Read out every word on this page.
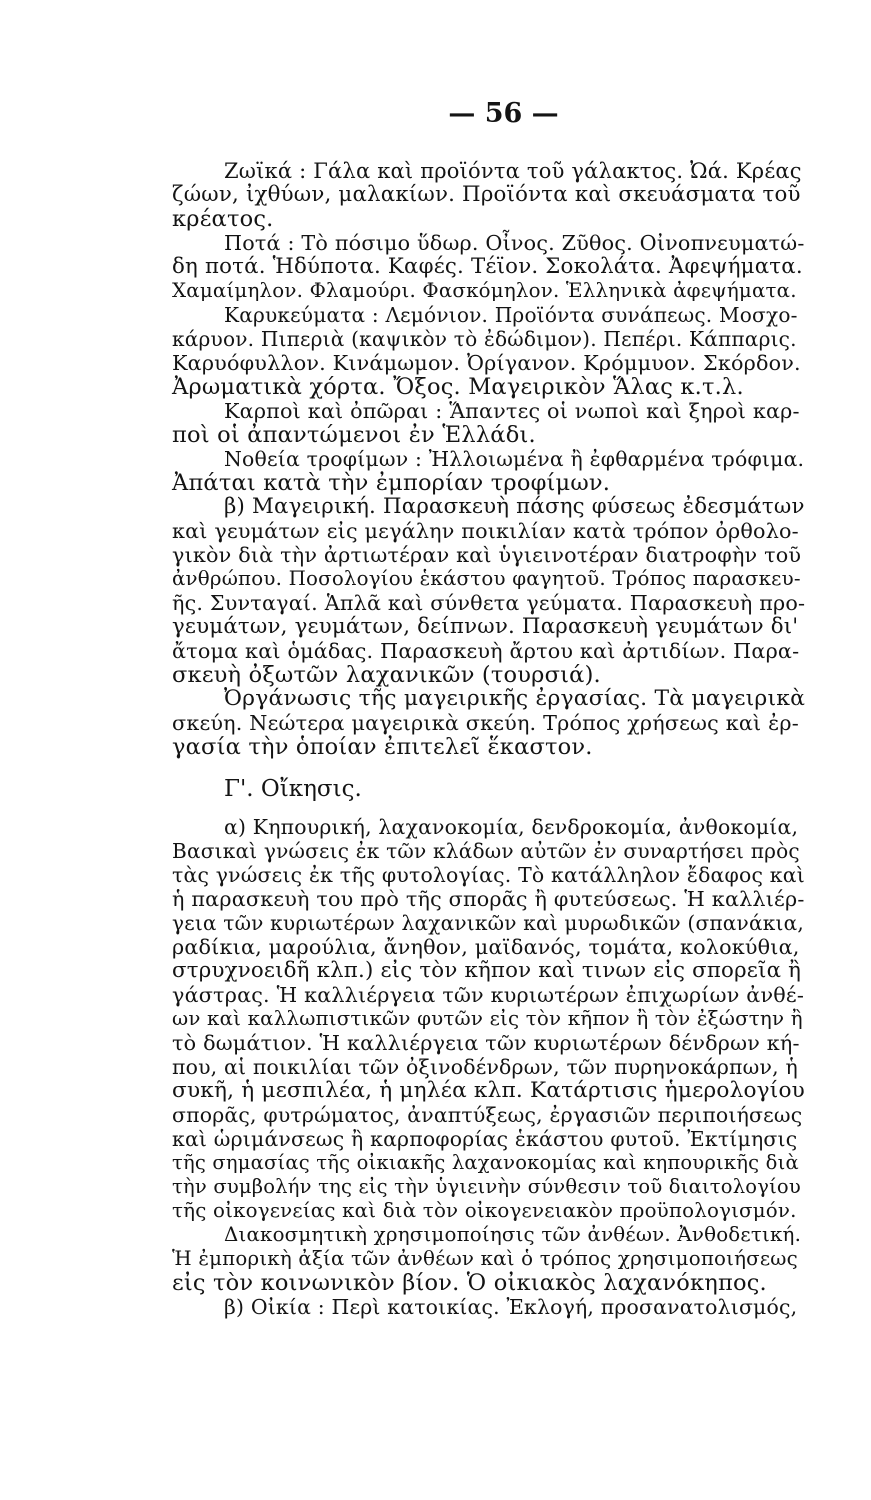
— 56 —
Ζωϊκά : Γάλα καὶ προϊόντα τοῦ γάλακτος. Ὠά. Κρέας
ζώων, ἰχθύων, μαλακίων. Προϊόντα καὶ σκευάσματα τοῦ
κρέατος.
Ποτά : Τὸ πόσιμο ὕδωρ. Οἶνος. Ζῦθος. Οἰνοπνευματώ-
δη ποτά. Ἡδύποτα. Καφές. Τέϊον. Σοκολάτα. Ἀφεψήματα.
Χαμαίμηλον. Φλαμούρι. Φασκόμηλον. Ἑλληνικὰ ἀφεψήματα.
Καρυκεύματα : Λεμόνιον. Προϊόντα συνάπεως. Μοσχο-
κάρυον. Πιπεριὰ (καψικὸν τὸ ἐδώδιμον). Πεπέρι. Κάππαρις.
Καρυόφυλλον. Κινάμωμον. Ὀρίγανον. Κρόμμυον. Σκόρδον.
Ἀρωματικὰ χόρτα. Ὄξος. Μαγειρικὸν Ἅλας κ.τ.λ.
Καρποὶ καὶ ὀπῶραι : Ἅπαντες οἱ νωποὶ καὶ ξηροὶ καρ-
ποὶ οἱ ἀπαντώμενοι ἐν Ἑλλάδι.
Νοθεία τροφίμων : Ἠλλοιωμένα ἢ ἐφθαρμένα τρόφιμα.
Ἀπάται κατὰ τὴν ἐμπορίαν τροφίμων.
β) Μαγειρική. Παρασκευὴ πάσης φύσεως ἐδεσμάτων
καὶ γευμάτων εἰς μεγάλην ποικιλίαν κατὰ τρόπον ὀρθολο-
γικὸν διὰ τὴν ἀρτιωτέραν καὶ ὑγιεινοτέραν διατροφὴν τοῦ
ἀνθρώπου. Ποσολογίου ἑκάστου φαγητοῦ. Τρόπος παρασκευ-
ῆς. Συνταγαί. Ἁπλᾶ καὶ σύνθετα γεύματα. Παρασκευὴ προ-
γευμάτων, γευμάτων, δείπνων. Παρασκευὴ γευμάτων δι'
ἄτομα καὶ ὁμάδας. Παρασκευὴ ἄρτου καὶ ἀρτιδίων. Παρα-
σκευὴ ὀξωτῶν λαχανικῶν (τουρσιά).
Ὀργάνωσις τῆς μαγειρικῆς ἐργασίας. Τὰ μαγειρικὰ
σκεύη. Νεώτερα μαγειρικὰ σκεύη. Τρόπος χρήσεως καὶ ἐρ-
γασία τὴν ὁποίαν ἐπιτελεῖ ἕκαστον.
Γ'. Οἴκησις.
α) Κηπουρική, λαχανοκομία, δενδροκομία, ἀνθοκομία,
Βασικαὶ γνώσεις ἐκ τῶν κλάδων αὐτῶν ἐν συναρτήσει πρὸς
τὰς γνώσεις ἐκ τῆς φυτολογίας. Τὸ κατάλληλον ἔδαφος καὶ
ἡ παρασκευὴ του πρὸ τῆς σπορᾶς ἢ φυτεύσεως. Ἡ καλλιέρ-
γεια τῶν κυριωτέρων λαχανικῶν καὶ μυρωδικῶν (σπανάκια,
ραδίκια, μαρούλια, ἄνηθον, μαϊδανός, τομάτα, κολοκύθια,
στρυχνοειδῆ κλπ.) εἰς τὸν κῆπον καὶ τινων εἰς σπορεῖα ἢ
γάστρας. Ἡ καλλιέργεια τῶν κυριωτέρων ἐπιχωρίων ἀνθέ-
ων καὶ καλλωπιστικῶν φυτῶν εἰς τὸν κῆπον ἢ τὸν ἐξώστην ἢ
τὸ δωμάτιον. Ἡ καλλιέργεια τῶν κυριωτέρων δένδρων κή-
που, αἱ ποικιλίαι τῶν ὀξινοδένδρων, τῶν πυρηνοκάρπων, ἡ
συκῆ, ἡ μεσπιλέα, ἡ μηλέα κλπ. Κατάρτισις ἡμερολογίου
σπορᾶς, φυτρώματος, ἀναπτύξεως, ἐργασιῶν περιποιήσεως
καὶ ὡριμάνσεως ἢ καρποφορίας ἑκάστου φυτοῦ. Ἐκτίμησις
τῆς σημασίας τῆς οἰκιακῆς λαχανοκομίας καὶ κηπουρικῆς διὰ
τὴν συμβολήν της εἰς τὴν ὑγιεινὴν σύνθεσιν τοῦ διαιτολογίου
τῆς οἰκογενείας καὶ διὰ τὸν οἰκογενειακὸν προϋπολογισμόν.
Διακοσμητικὴ χρησιμοποίησις τῶν ἀνθέων. Ἀνθοδετική.
Ἡ ἐμπορικὴ ἀξία τῶν ἀνθέων καὶ ὁ τρόπος χρησιμοποιήσεως
εἰς τὸν κοινωνικὸν βίον. Ὁ οἰκιακὸς λαχανόκηπος.
β) Οἰκία : Περὶ κατοικίας. Ἐκλογή, προσανατολισμός,
